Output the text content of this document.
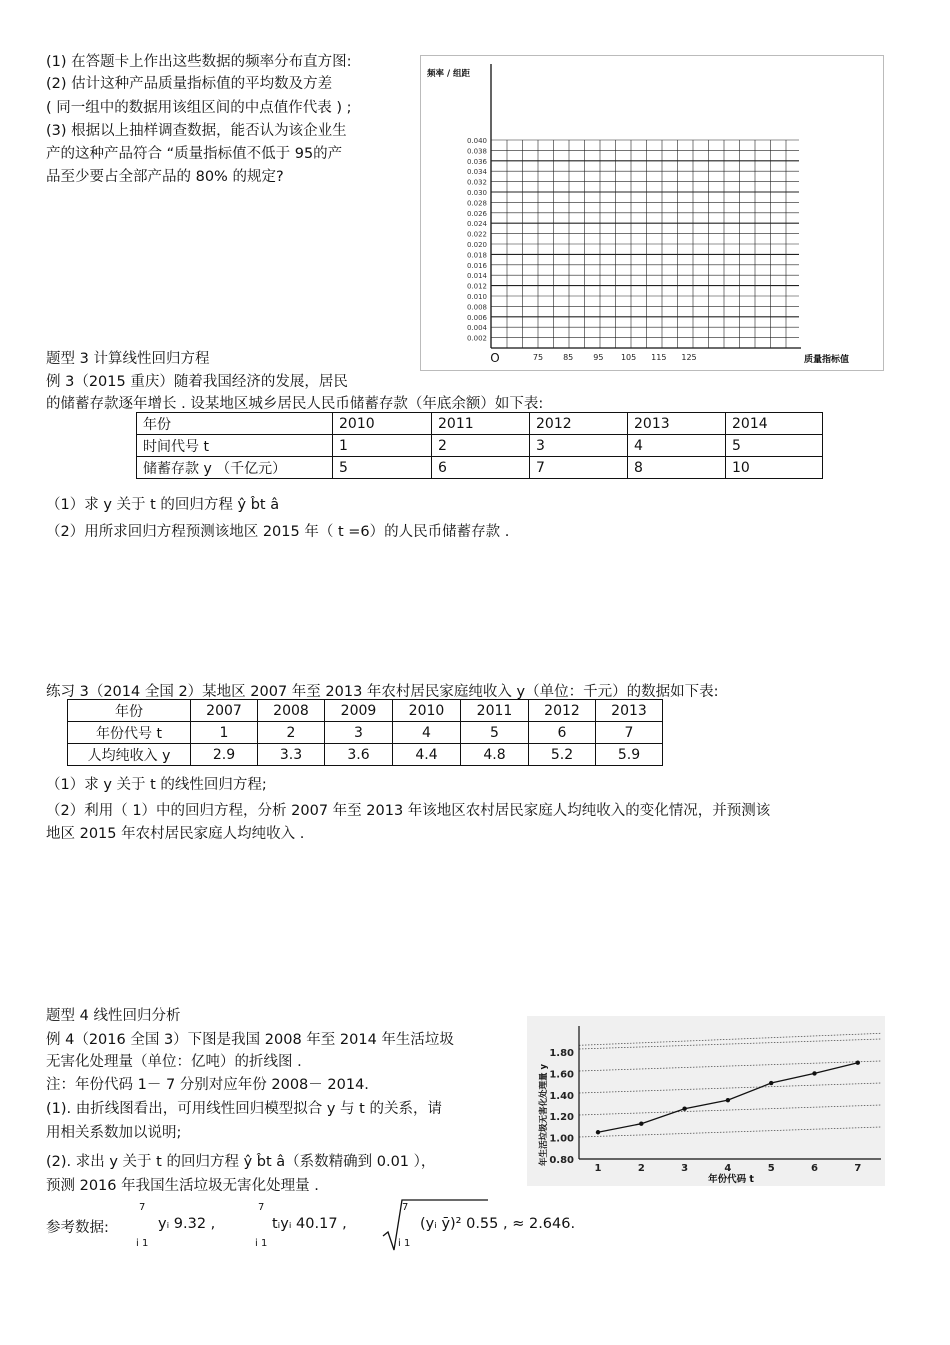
(1) 在答题卡上作出这些数据的频率分布直方图:
(2) 估计这种产品质量指标值的平均数及方差
( 同一组中的数据用该组区间的中点值作代表 ) ;
(3) 根据以上抽样调查数据，能否认为该企业生
产的这种产品符合 “质量指标值不低于 95的产
品至少要占全部产品的 80% 的规定?
0.002
0.004
0.006
0.008
0.010
0.012
0.014
0.016
0.018
0.020
0.022
0.024
0.026
0.028
0.030
0.032
0.034
0.036
0.038
0.040
75	85	95 105 115 125
O
频率 / 组距
质量指标值
题型 3 计算线性回归方程
例 3（2015 重庆）随着我国经济的发展，居民
的储蓄存款逐年增长 . 设某地区城乡居民人民币储蓄存款（年底余额）如下表:
年份	2010	2011	2012	2013	2014
时间代号 t	1	2	3	4	5
储蓄存款 y （千亿元）	5	6	7	8	10
（1）求 y 关于 t 的回归方程 ŷ b̂t â
（2）用所求回归方程预测该地区 2015 年（ t =6）的人民币储蓄存款 .
练习 3（2014 全国 2）某地区 2007 年至 2013 年农村居民家庭纯收入 y（单位：千元）的数据如下表:
年份	2007	2008	2009	2010	2011	2012	2013
年份代号 t	1	2	3	4	5	6	7
人均纯收入 y	2.9	3.3	3.6	4.4	4.8	5.2	5.9
（1）求 y 关于 t 的线性回归方程;
（2）利用（ 1）中的回归方程，分析 2007 年至 2013 年该地区农村居民家庭人均纯收入的变化情况，并预测该
地区 2015 年农村居民家庭人均纯收入 .
题型 4 线性回归分析
例 4（2016 全国 3）下图是我国 2008 年至 2014 年生活垃圾
无害化处理量（单位：亿吨）的折线图 .
注：年份代码 1－ 7 分别对应年份 2008－ 2014.
(1). 由折线图看出，可用线性回归模型拟合 y 与 t 的关系，请
用相关系数加以说明;
(2). 求出 y 关于 t 的回归方程 ŷ b̂t â（系数精确到 0.01 ），
预测 2016 年我国生活垃圾无害化处理量 .
0.80
1.00
1.20
1.40
1.60
1.80
1	2	3	4	5	6	7
年份代码 t
年生活垃圾无害化处理量 y
参考数据:
7
i 1
yᵢ 9.32 ,
7
i 1
tᵢyᵢ 40.17 ,
7
i 1
(yᵢ ȳ)² 0.55 , ≈ 2.646.
